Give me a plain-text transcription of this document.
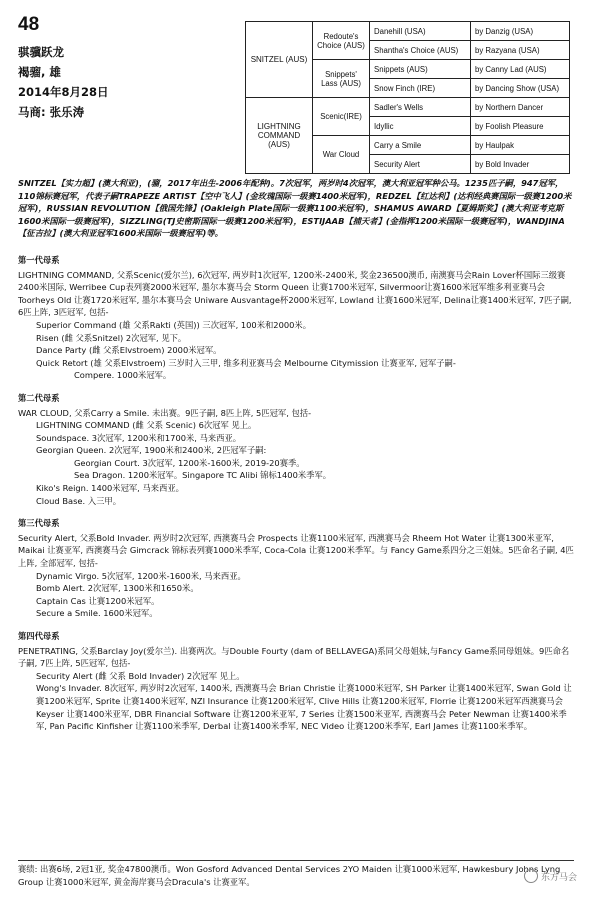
48
骐骥跃龙
褐骝, 雄
2014年8月28日
马商: 张乐涛
SNITZEL (AUS)	Redoute's Choice (AUS)	Danehill (USA)	by Danzig (USA)
		Shantha's Choice (AUS)	by Razyana (USA)
	Snippets' Lass (AUS)	Snippets (AUS)	by Canny Lad (AUS)
		Snow Finch (IRE)	by Dancing Show (USA)
LIGHTNING COMMAND (AUS)	Scenic(IRE)	Sadler's Wells	by Northern Dancer
		Idyllic	by Foolish Pleasure
	War Cloud	Carry a Smile	by Haulpak
		Security Alert	by Bold Invader

SNITZEL【实力超】(澳大利亚)，(骝，2017年出生-2006年配种)。7次冠军，两岁时4次冠军，澳大利亚冠军种公马。1235匹子嗣，947冠军，110锦标赛冠军，代表子嗣TRAPEZE ARTIST【空中飞人】(金玫瑰国际一级赛1400米冠军)，REDZEL【红达利】(达利经典赛国际一级赛1200米冠军)，RUSSIAN REVOLUTION【俄国先锋】(Oakleigh Plate国际一级赛1100米冠军)，SHAMUS AWARD【夏姆斯奖】(澳大利亚考克斯1600米国际一级赛冠军)，SIZZLING(TJ史密斯国际一级赛1200米冠军)，ESTIJAAB【捕天者】(金指挥1200米国际一级赛冠军)，WANDJINA【征吉拉】(澳大利亚冠军1600米国际一级赛冠军)等。

第一代母系

LIGHTNING COMMAND, 父系Scenic(爱尔兰), 6次冠军, 两岁时1次冠军, 1200米-2400米, 奖金236500澳币, 南澳赛马会Rain Lover杯国际三级赛2400米国际, Werribee Cup表列赛2000米冠军, 墨尔本赛马会 Storm Queen 让赛1700米冠军, Silvermoor让赛1600米冠军维多利亚赛马会 Toorheys Old 让赛1720米冠军, 墨尔本赛马会 Uniware Ausvantage杯2000米冠军, Lowland 让赛1600米冠军, Delina让赛1400米冠军, 7匹子嗣, 6匹上阵, 3匹冠军, 包括-

Superior Command (雄 父系Rakti (英国)) 三次冠军, 100米和2000米。

Risen (雌 父系Snitzel) 2次冠军, 见下。

Dance Party (雌 父系Elvstroem) 2000米冠军。

Quick Retort (雄 父系Elvstroem) 三岁时入三甲, 维多利亚赛马会 Melbourne Citymission 让赛亚军, 冠军子嗣-

Compere. 1000米冠军。

第二代母系

WAR CLOUD, 父系Carry a Smile. 未出赛。9匹子嗣, 8匹上阵, 5匹冠军, 包括-

LIGHTNING COMMAND (雌 父系 Scenic) 6次冠军 见上。

Soundspace. 3次冠军, 1200米和1700米, 马来西亚。

Georgian Queen. 2次冠军, 1900米和2400米, 2匹冠军子嗣:

Georgian Court. 3次冠军, 1200米-1600米, 2019-20赛季。

Sea Dragon. 1200米冠军。Singapore TC Alibi 锦标1400米季军。

Kiko's Reign. 1400米冠军, 马来西亚。

Cloud Base. 入三甲。

第三代母系

Security Alert, 父系Bold Invader. 两岁时2次冠军, 西澳赛马会 Prospects 让赛1100米冠军, 西澳赛马会 Rheem Hot Water 让赛1300米亚军, Maikai 让赛亚军, 西澳赛马会 Gimcrack 锦标表列赛1000米季军, Coca-Cola 让赛1200米季军。与 Fancy Game系四分之三姐妹。5匹命名子嗣, 4匹上阵, 全部冠军, 包括-

Dynamic Virgo. 5次冠军, 1200米-1600米, 马来西亚。

Bomb Alert. 2次冠军, 1300米和1650米。

Captain Cas 让赛1200米冠军。

Secure a Smile. 1600米冠军。

第四代母系

PENETRATING, 父系Barclay Joy(爱尔兰). 出赛两次。与Double Fourty (dam of BELLAVEGA)系同父母姐妹,与Fancy Game系同母姐妹。9匹命名子嗣, 7匹上阵, 5匹冠军, 包括-

Security Alert (雌 父系 Bold Invader) 2次冠军 见上。

Wong's Invader. 8次冠军, 两岁时2次冠军, 1400米, 西澳赛马会 Brian Christie 让赛1000米冠军, SH Parker 让赛1400米冠军, Swan Gold 让赛1200米冠军, Sprite 让赛1400米冠军, NZI Insurance 让赛1200米冠军, Clive Hills 让赛1200米冠军, Florrie 让赛1200米冠军西澳赛马会 Keyser 让赛1400米亚军, DBR Financial Software 让赛1200米亚军, 7 Series 让赛1500米亚军, 西澳赛马会 Peter Newman 让赛1400米季军, Pan Pacific Kinfisher 让赛1100米季军, Derbal 让赛1400米季军, NEC Video 让赛1200米季军, Earl James 让赛1100米季军。

赛绩: 出赛6场, 2冠1亚, 奖金47800澳币。Won Gosford Advanced Dental Services 2YO Maiden 让赛1000米冠军, Hawkesbury Johns Lyng Group 让赛1000米冠军, 黄金海岸赛马会Dracula's 让赛亚军。	东方马会
